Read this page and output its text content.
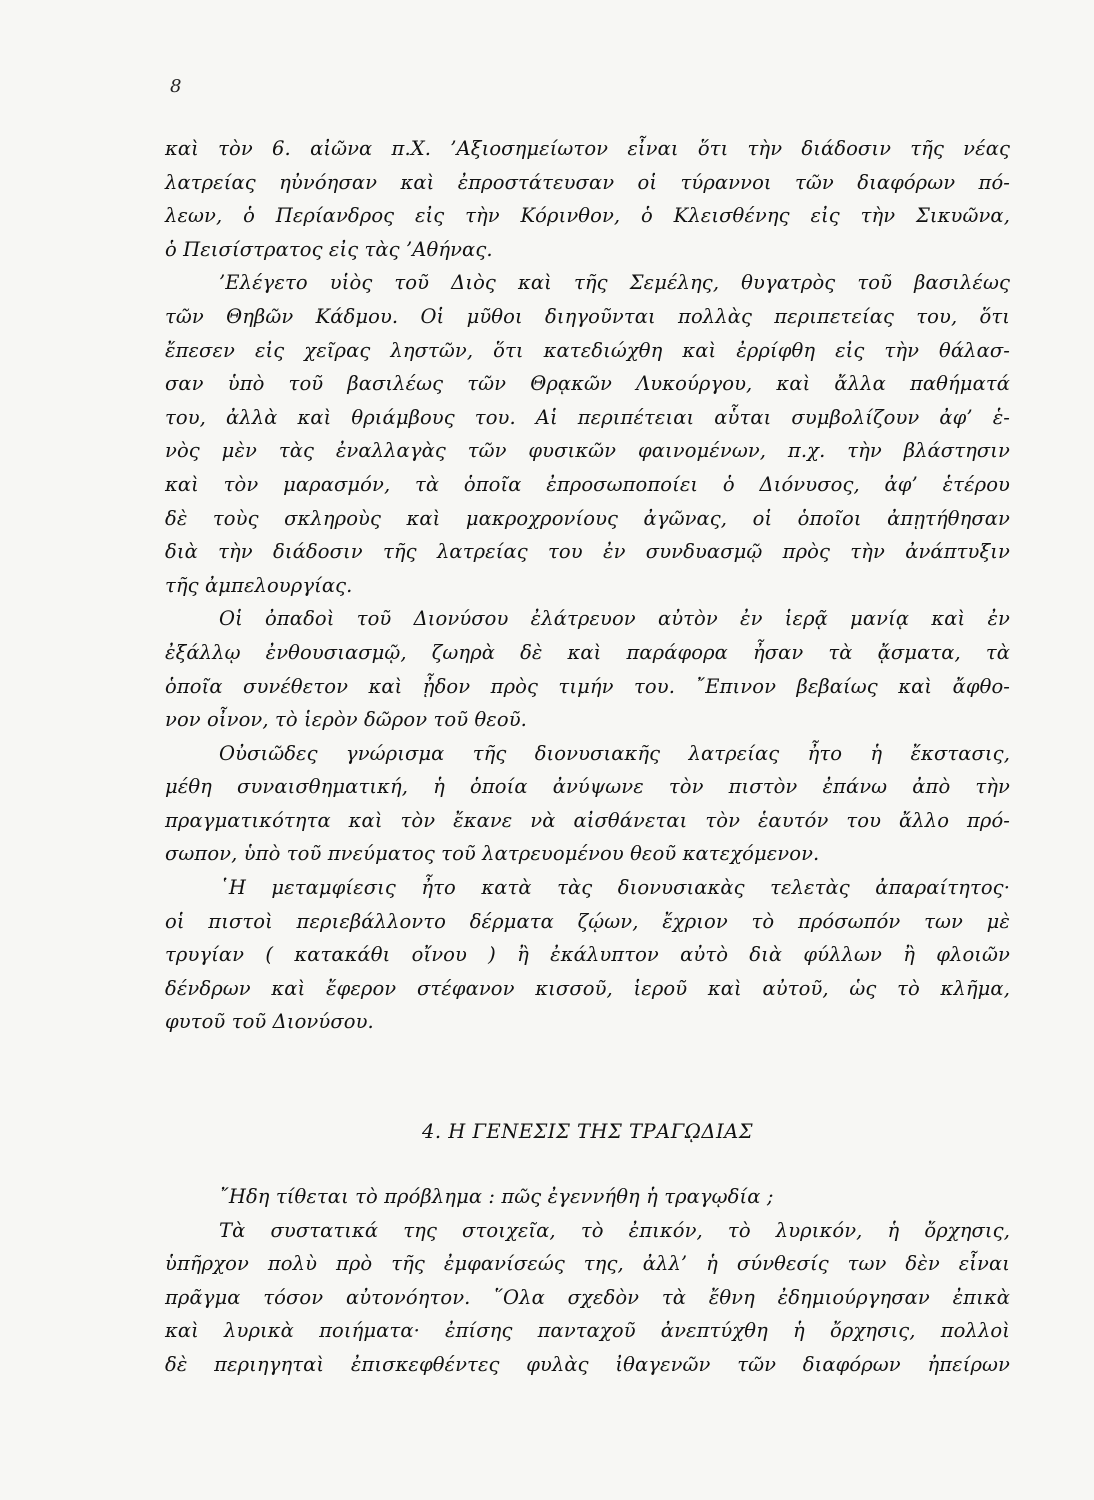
8
καὶ τὸν 6. αἰῶνα π.Χ. ’Αξιοσημείωτον εἶναι ὅτι τὴν διάδοσιν τῆς νέας
λατρείας ηὐνόησαν καὶ ἐπροστάτευσαν οἱ τύραννοι τῶν διαφόρων πό-
λεων, ὁ Περίανδρος εἰς τὴν Κόρινθον, ὁ Κλεισθένης εἰς τὴν Σικυῶνα,
ὁ Πεισίστρατος εἰς τὰς ’Αθήνας.
’Ελέγετο υἱὸς τοῦ Διὸς καὶ τῆς Σεμέλης, θυγατρὸς τοῦ βασιλέως
τῶν Θηβῶν Κάδμου. Οἱ μῦθοι διηγοῦνται πολλὰς περιπετείας του, ὅτι
ἔπεσεν εἰς χεῖρας ληστῶν, ὅτι κατεδιώχθη καὶ ἐρρίφθη εἰς τὴν θάλασ-
σαν ὑπὸ τοῦ βασιλέως τῶν Θρᾳκῶν Λυκούργου, καὶ ἄλλα παθήματά
του, ἀλλὰ καὶ θριάμβους του. Αἱ περιπέτειαι αὗται συμβολίζουν ἀφ’ ἑ-
νὸς μὲν τὰς ἐναλλαγὰς τῶν φυσικῶν φαινομένων, π.χ. τὴν βλάστησιν
καὶ τὸν μαρασμόν, τὰ ὁποῖα ἐπροσωποποίει ὁ Διόνυσος, ἀφ’ ἑτέρου
δὲ τοὺς σκληροὺς καὶ μακροχρονίους ἀγῶνας, οἱ ὁποῖοι ἀπῃτήθησαν
διὰ τὴν διάδοσιν τῆς λατρείας του ἐν συνδυασμῷ πρὸς τὴν ἀνάπτυξιν
τῆς ἀμπελουργίας.
Οἱ ὀπαδοὶ τοῦ Διονύσου ἐλάτρευον αὐτὸν ἐν ἱερᾷ μανίᾳ καὶ ἐν
ἐξάλλῳ ἐνθουσιασμῷ, ζωηρὰ δὲ καὶ παράφορα ἦσαν τὰ ᾄσματα, τὰ
ὁποῖα συνέθετον καὶ ᾖδον πρὸς τιμήν του. ῎Επινον βεβαίως καὶ ἄφθο-
νον οἶνον, τὸ ἱερὸν δῶρον τοῦ θεοῦ.
Οὐσιῶδες γνώρισμα τῆς διονυσιακῆς λατρείας ἦτο ἡ ἔκστασις,
μέθη συναισθηματική, ἡ ὁποία ἀνύψωνε τὸν πιστὸν ἐπάνω ἀπὸ τὴν
πραγματικότητα καὶ τὸν ἔκανε νὰ αἰσθάνεται τὸν ἑαυτόν του ἄλλο πρό-
σωπον, ὑπὸ τοῦ πνεύματος τοῦ λατρευομένου θεοῦ κατεχόμενον.
῾Η μεταμφίεσις ἦτο κατὰ τὰς διονυσιακὰς τελετὰς ἀπαραίτητος·
οἱ πιστοὶ περιεβάλλοντο δέρματα ζῴων, ἔχριον τὸ πρόσωπόν των μὲ
τρυγίαν ( κατακάθι οἴνου ) ἢ ἐκάλυπτον αὐτὸ διὰ φύλλων ἢ φλοιῶν
δένδρων καὶ ἔφερον στέφανον κισσοῦ, ἱεροῦ καὶ αὐτοῦ, ὡς τὸ κλῆμα,
φυτοῦ τοῦ Διονύσου.
4. Η ΓΕΝΕΣΙΣ ΤΗΣ ΤΡΑΓῼΔΙΑΣ
῎Ηδη τίθεται τὸ πρόβλημα : πῶς ἐγεννήθη ἡ τραγῳδία ;
Τὰ συστατικά της στοιχεῖα, τὸ ἐπικόν, τὸ λυρικόν, ἡ ὄρχησις,
ὑπῆρχον πολὺ πρὸ τῆς ἐμφανίσεώς της, ἀλλ’ ἡ σύνθεσίς των δὲν εἶναι
πρᾶγμα τόσον αὐτονόητον. ῞Ολα σχεδὸν τὰ ἔθνη ἐδημιούργησαν ἐπικὰ
καὶ λυρικὰ ποιήματα· ἐπίσης πανταχοῦ ἀνεπτύχθη ἡ ὄρχησις, πολλοὶ
δὲ περιηγηταὶ ἐπισκεφθέντες φυλὰς ἰθαγενῶν τῶν διαφόρων ἠπείρων
